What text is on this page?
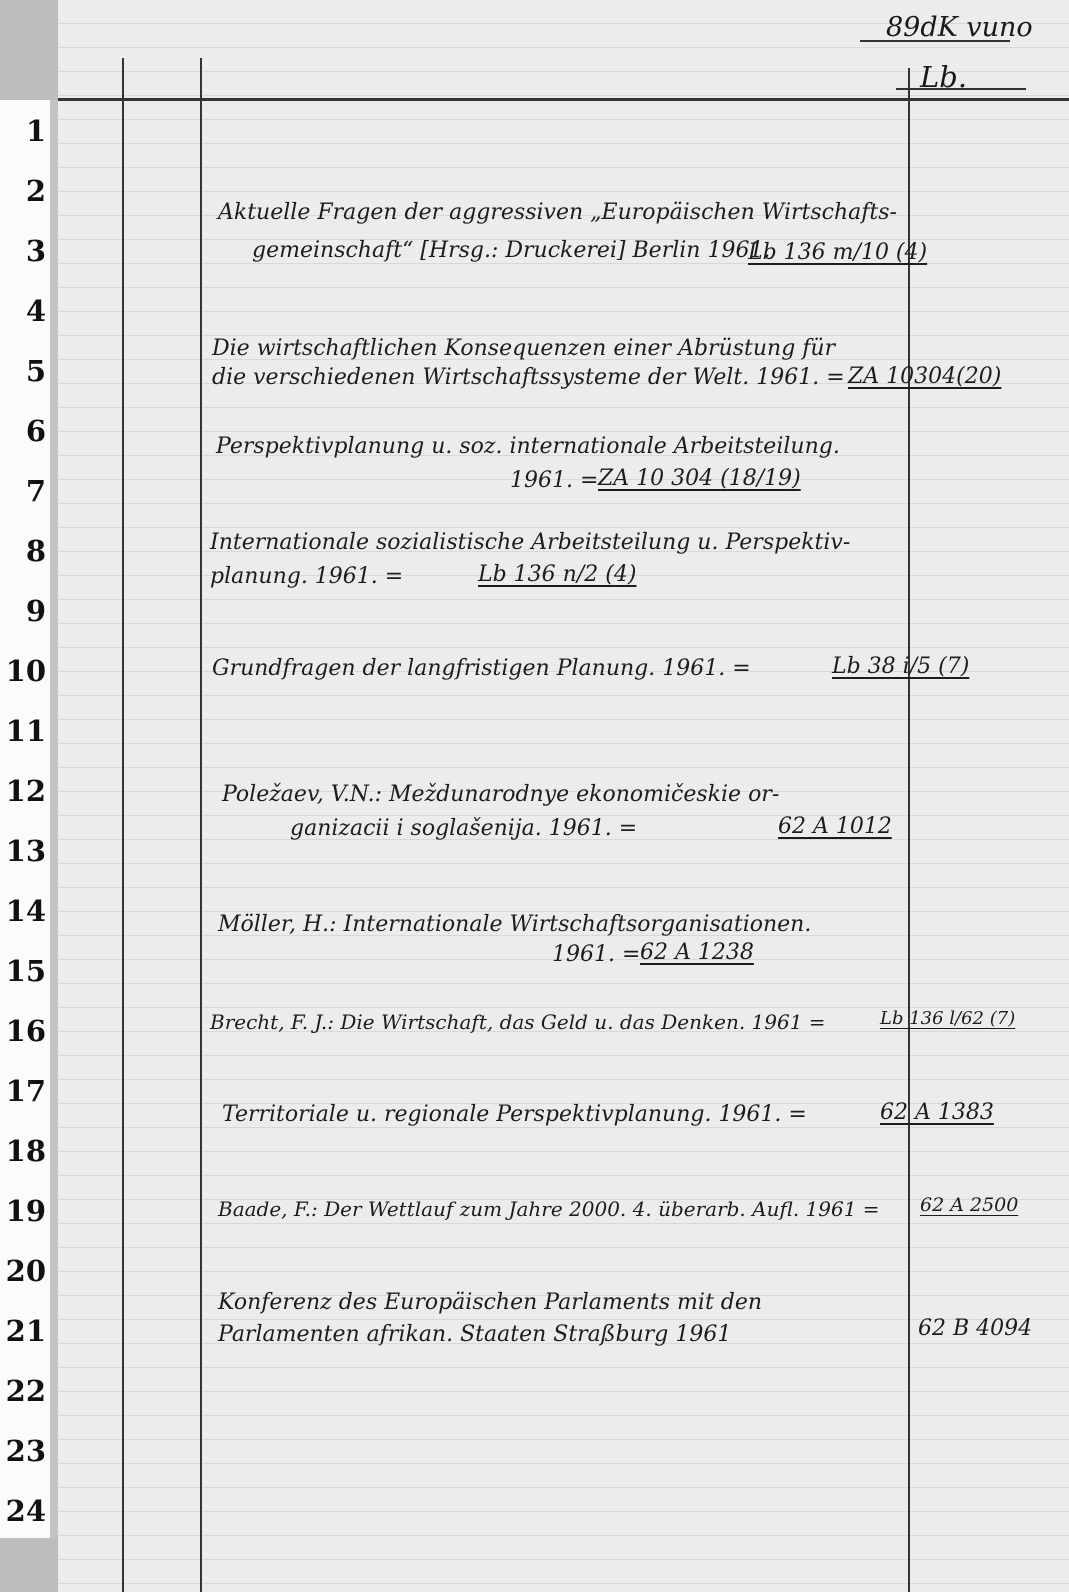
89dK vuno
Lb.
1
2
3
4
5
6
7
8
9
10
11
12
13
14
15
16
17
18
19
20
21
22
23
24
Aktuelle Fragen der aggressiven „Europäischen Wirtschafts-
gemeinschaft“ [Hrsg.: Druckerei] Berlin 1961.
Lb 136 m/10 (4)
Die wirtschaftlichen Konsequenzen einer Abrüstung für
die verschiedenen Wirtschaftssysteme der Welt. 1961. = ZA 10304(20)
Perspektivplanung u. soz. internationale Arbeitsteilung.
1961. = ZA 10 304 (18/19)
Internationale sozialistische Arbeitsteilung u. Perspektiv-
planung. 1961. =	Lb 136 n/2 (4)
Grundfragen der langfristigen Planung. 1961. =	Lb 38 i/5 (7)
Poležaev, V.N.: Meždunarodnye ekonomičeskie or-
ganizacii i soglašenija. 1961. =	62 A 1012
Möller, H.: Internationale Wirtschaftsorganisationen.
1961. = 62 A 1238
Brecht, F. J.: Die Wirtschaft, das Geld u. das Denken. 1961 =	Lb 136 l/62 (7)
Territoriale u. regionale Perspektivplanung. 1961. =	62 A 1383
Baade, F.: Der Wettlauf zum Jahre 2000. 4. überarb. Aufl. 1961 = 62 A 2500
Konferenz des Europäischen Parlaments mit den
Parlamenten afrikan. Staaten Straßburg 1961	62 B 4094
